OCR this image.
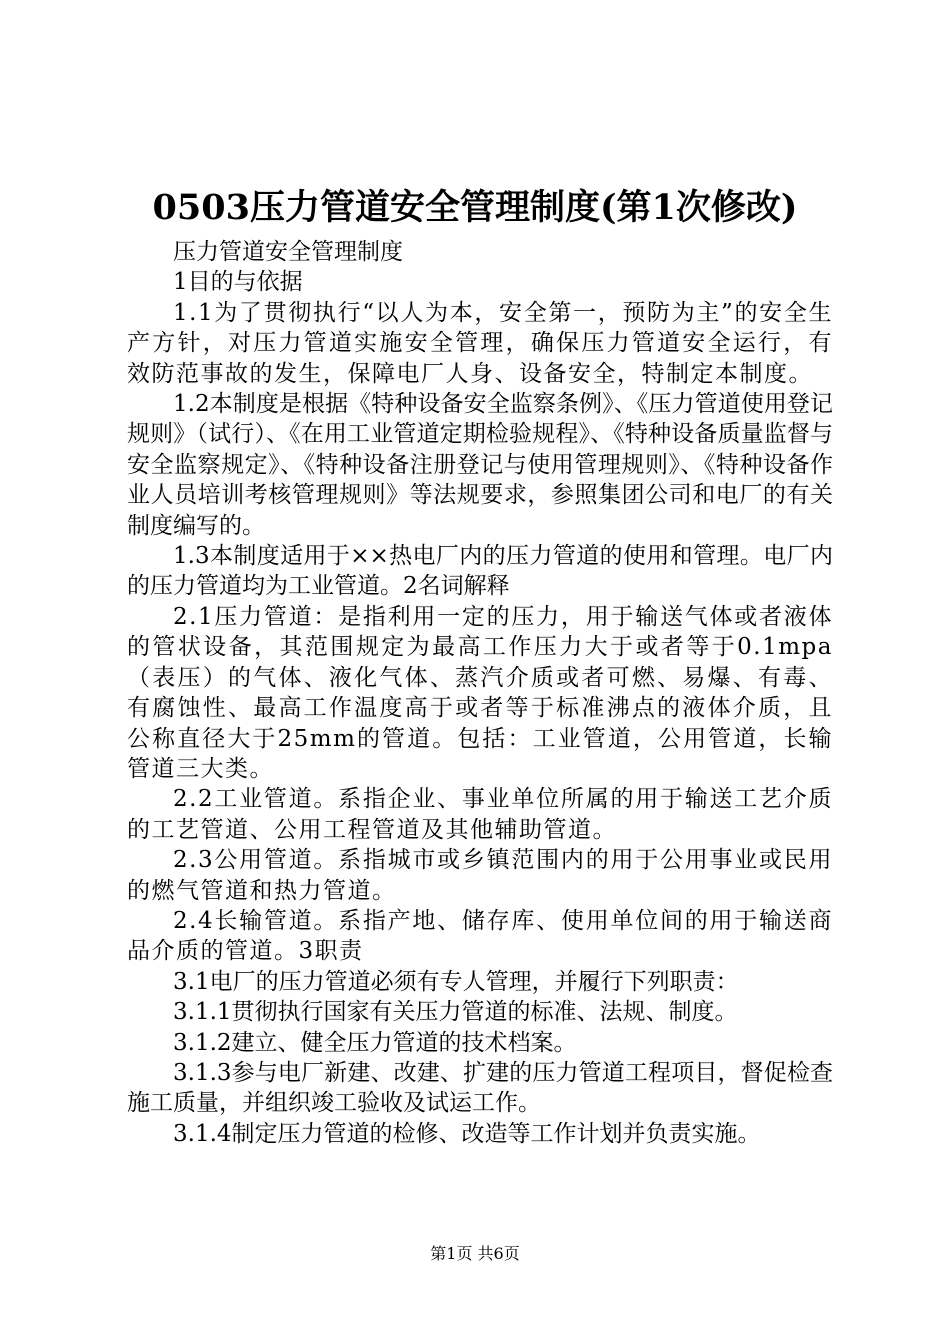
0503压力管道安全管理制度(第1次修改)

压力管道安全管理制度

1目的与依据

1.1为了贯彻执行“以人为本，安全第一，预防为主”的安全生产方针，对压力管道实施安全管理，确保压力管道安全运行，有效防范事故的发生，保障电厂人身、设备安全，特制定本制度。

1.2本制度是根据《特种设备安全监察条例》、《压力管道使用登记规则》（试行）、《在用工业管道定期检验规程》、《特种设备质量监督与安全监察规定》、《特种设备注册登记与使用管理规则》、《特种设备作业人员培训考核管理规则》等法规要求，参照集团公司和电厂的有关制度编写的。

1.3本制度适用于××热电厂内的压力管道的使用和管理。电厂内的压力管道均为工业管道。2名词解释

2.1压力管道：是指利用一定的压力，用于输送气体或者液体的管状设备，其范围规定为最高工作压力大于或者等于0.1mpa（表压）的气体、液化气体、蒸汽介质或者可燃、易爆、有毒、有腐蚀性、最高工作温度高于或者等于标准沸点的液体介质，且公称直径大于25mm的管道。包括：工业管道，公用管道，长输管道三大类。

2.2工业管道。系指企业、事业单位所属的用于输送工艺介质的工艺管道、公用工程管道及其他辅助管道。

2.3公用管道。系指城市或乡镇范围内的用于公用事业或民用的燃气管道和热力管道。

2.4长输管道。系指产地、储存库、使用单位间的用于输送商品介质的管道。3职责

3.1电厂的压力管道必须有专人管理，并履行下列职责：

3.1.1贯彻执行国家有关压力管道的标准、法规、制度。

3.1.2建立、健全压力管道的技术档案。

3.1.3参与电厂新建、改建、扩建的压力管道工程项目，督促检查施工质量，并组织竣工验收及试运工作。

3.1.4制定压力管道的检修、改造等工作计划并负责实施。

第1页 共6页
